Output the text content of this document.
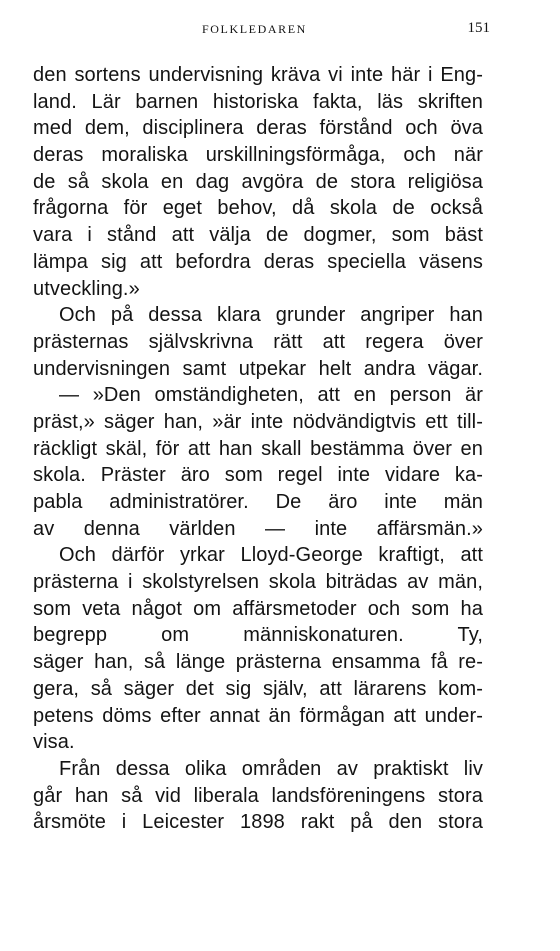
FOLKLEDAREN	151
den sortens undervisning kräva vi inte här i Eng-
land. Lär barnen historiska fakta, läs skriften
med dem, disciplinera deras förstånd och öva
deras moraliska urskillningsförmåga, och när
de så skola en dag avgöra de stora religiösa
frågorna för eget behov, då skola de också
vara i stånd att välja de dogmer, som bäst
lämpa sig att befordra deras speciella väsens
utveckling.»
Och på dessa klara grunder angriper han
prästernas självskrivna rätt att regera över
undervisningen samt utpekar helt andra vägar.
— »Den omständigheten, att en person är
präst,» säger han, »är inte nödvändigtvis ett till-
räckligt skäl, för att han skall bestämma över en
skola. Präster äro som regel inte vidare ka-
pabla administratörer. De äro inte män
av denna världen — inte affärsmän.»
Och därför yrkar Lloyd-George kraftigt, att
prästerna i skolstyrelsen skola biträdas av män,
som veta något om affärsmetoder och som ha
begrepp om människonaturen. Ty,
säger han, så länge prästerna ensamma få re-
gera, så säger det sig själv, att lärarens kom-
petens döms efter annat än förmågan att under-
visa.
Från dessa olika områden av praktiskt liv
går han så vid liberala landsföreningens stora
årsmöte i Leicester 1898 rakt på den stora
